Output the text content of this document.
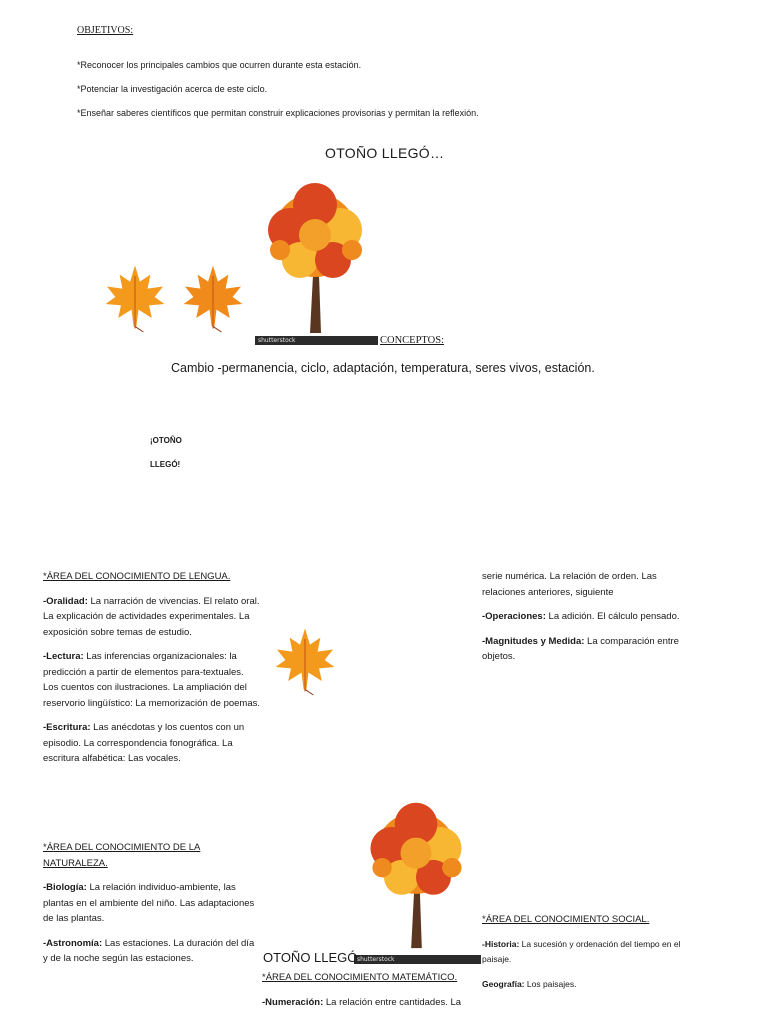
OBJETIVOS:
*Reconocer los principales cambios que ocurren durante esta estación.
*Potenciar la investigación acerca de este ciclo.
*Enseñar saberes científicos que permitan construir explicaciones provisorias y permitan la reflexión.
OTOÑO LLEGÓ…
shutterstock	CONCEPTOS:
Cambio -permanencia, ciclo, adaptación, temperatura, seres vivos, estación.
¡OTOÑO
LLEGÓ!

*ÁREA DEL CONOCIMIENTO DE LENGUA.

-Oralidad: La narración de vivencias. El relato oral. La explicación de actividades experimentales. La exposición sobre temas de estudio.

-Lectura: Las inferencias organizacionales: la predicción a partir de elementos para-textuales. Los cuentos con ilustraciones. La ampliación del reservorio lingüístico: La memorización de poemas.

-Escritura: Las anécdotas y los cuentos con un episodio. La correspondencia fonográfica. La escritura alfabética: Las vocales.

serie numérica. La relación de orden. Las relaciones anteriores, siguiente

-Operaciones: La adición. El cálculo pensado.

-Magnitudes y Medida: La comparación entre objetos.

*ÁREA DEL CONOCIMIENTO DE LA NATURALEZA.

-Biología: La relación individuo-ambiente, las plantas en el ambiente del niño. Las adaptaciones de las plantas.

-Astronomía: Las estaciones. La duración del día y de la noche según las estaciones.	shutterstock

*ÁREA DEL CONOCIMIENTO SOCIAL.

-Historia: La sucesión y ordenación del tiempo en el paisaje.

Geografía: Los paisajes.

OTOÑO LLEGÓ

*ÁREA DEL CONOCIMIENTO MATEMÁTICO.

-Numeración: La relación entre cantidades. La
